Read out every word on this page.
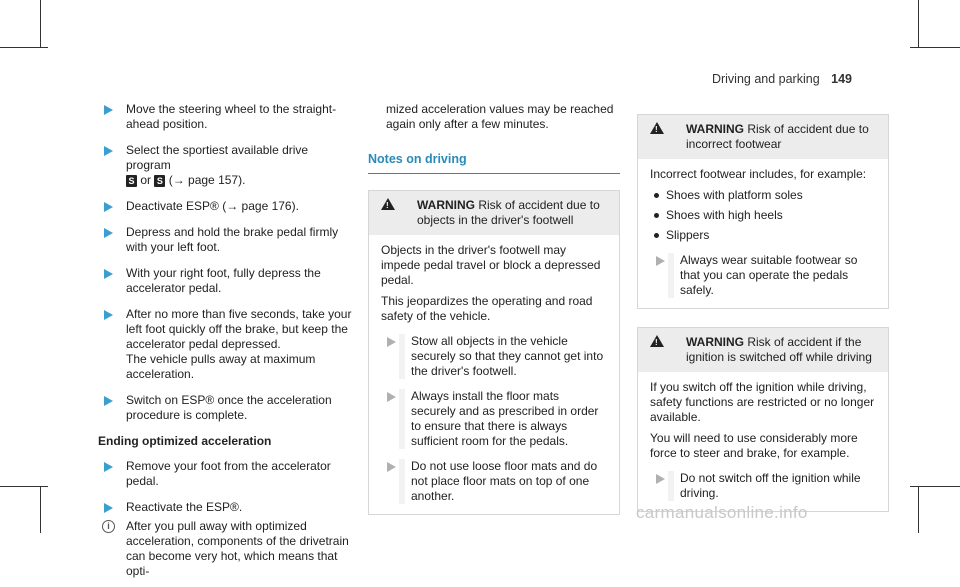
Driving and parking 149
Move the steering wheel to the straight-ahead position.
Select the sportiest available drive program
S or S (→ page 157).
Deactivate ESP® (→ page 176).
Depress and hold the brake pedal firmly with your left foot.
With your right foot, fully depress the accelerator pedal.
After no more than five seconds, take your left foot quickly off the brake, but keep the accelerator pedal depressed.
The vehicle pulls away at maximum acceleration.
Switch on ESP® once the acceleration procedure is complete.
Ending optimized acceleration
Remove your foot from the accelerator pedal.
Reactivate the ESP®.
i	After you pull away with optimized acceleration, components of the drivetrain can become very hot, which means that opti-
mized acceleration values may be reached again only after a few minutes.
Notes on driving
! WARNING Risk of accident due to objects in the driver's footwell

Objects in the driver's footwell may impede pedal travel or block a depressed pedal.

This jeopardizes the operating and road safety of the vehicle.

Stow all objects in the vehicle securely so that they cannot get into the driver's footwell.
Always install the floor mats securely and as prescribed in order to ensure that there is always sufficient room for the pedals.
Do not use loose floor mats and do not place floor mats on top of one another.
! WARNING Risk of accident due to incorrect footwear

Incorrect footwear includes, for example:

Shoes with platform soles
Shoes with high heels
Slippers
Always wear suitable footwear so that you can operate the pedals safely.
! WARNING Risk of accident if the ignition is switched off while driving

If you switch off the ignition while driving, safety functions are restricted or no longer available.

You will need to use considerably more force to steer and brake, for example.

Do not switch off the ignition while driving.
carmanualsonline.info
